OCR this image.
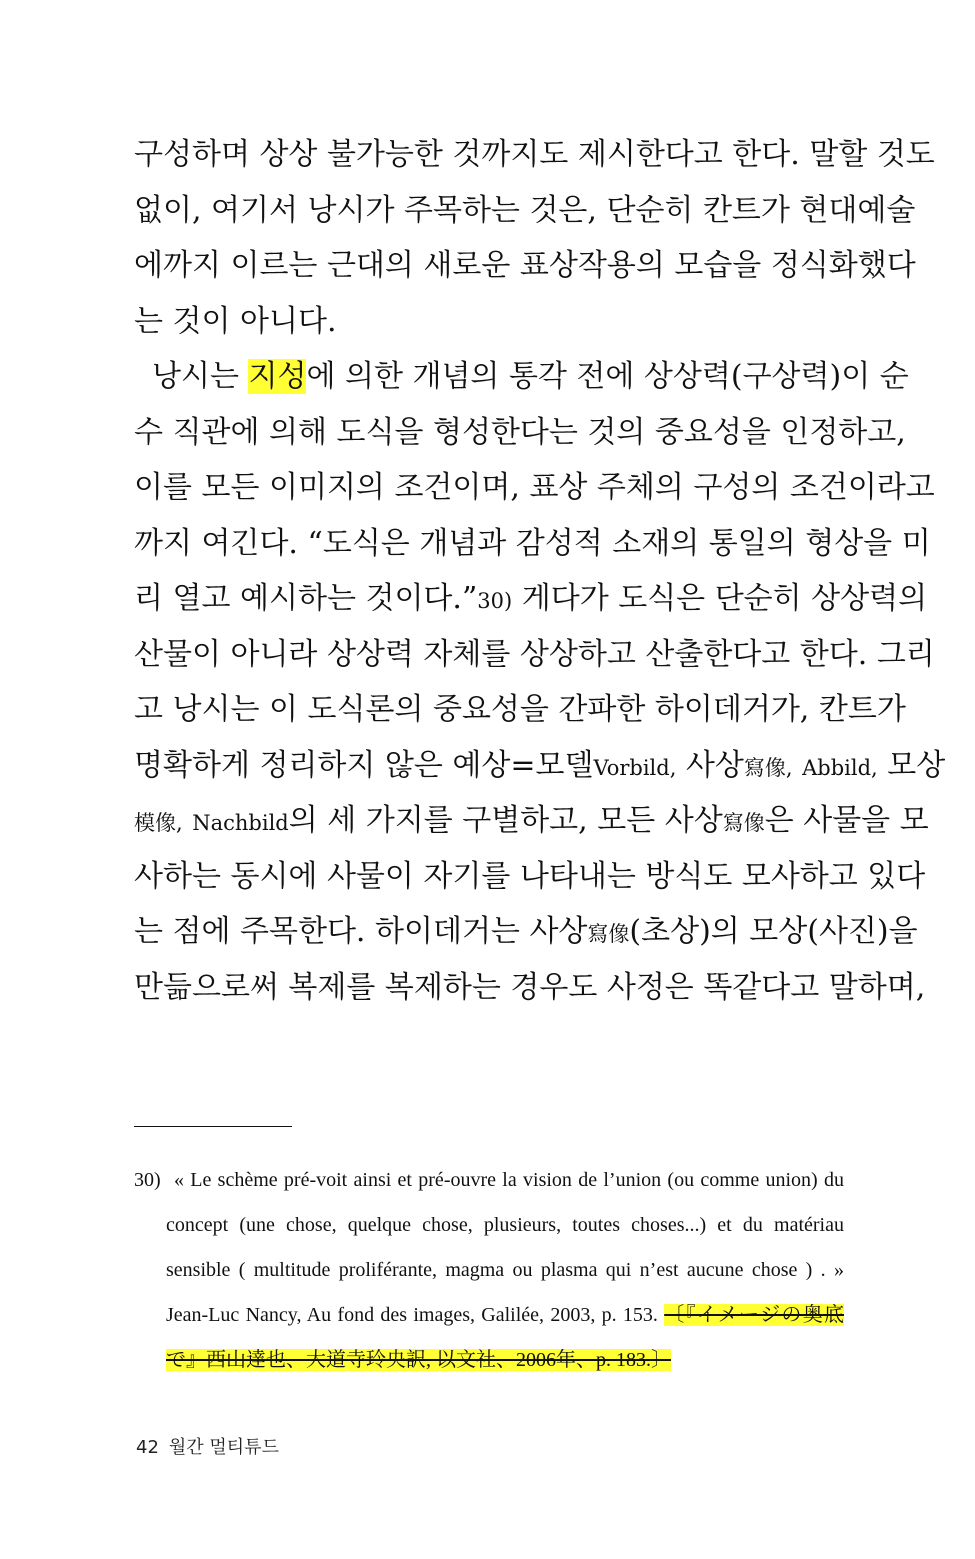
구성하며 상상 불가능한 것까지도 제시한다고 한다. 말할 것도
없이, 여기서 낭시가 주목하는 것은, 단순히 칸트가 현대예술
에까지 이르는 근대의 새로운 표상작용의 모습을 정식화했다
는 것이 아니다.
낭시는 지성에 의한 개념의 통각 전에 상상력(구상력)이 순
수 직관에 의해 도식을 형성한다는 것의 중요성을 인정하고,
이를 모든 이미지의 조건이며, 표상 주체의 구성의 조건이라고
까지 여긴다. “도식은 개념과 감성적 소재의 통일의 형상을 미
리 열고 예시하는 것이다.”30) 게다가 도식은 단순히 상상력의
산물이 아니라 상상력 자체를 상상하고 산출한다고 한다. 그리
고 낭시는 이 도식론의 중요성을 간파한 하이데거가, 칸트가
명확하게 정리하지 않은 예상=모델Vorbild, 사상寫像, Abbild, 모상
模像, Nachbild의 세 가지를 구별하고, 모든 사상寫像은 사물을 모
사하는 동시에 사물이 자기를 나타내는 방식도 모사하고 있다
는 점에 주목한다. 하이데거는 사상寫像(초상)의 모상(사진)을
만듦으로써 복제를 복제하는 경우도 사정은 똑같다고 말하며,
30) « Le schème pré-voit ainsi et pré-ouvre la vision de l’union (ou comme union) du
concept (une chose, quelque chose, plusieurs, toutes choses...) et du matériau
sensible ( multitude proliférante, magma ou plasma qui n’est aucune chose ) . »
Jean-Luc Nancy, Au fond des images, Galilée, 2003, p. 153. 〔『イメージの奥底
で』西山達也、大道寺玲央訳, 以文社、2006年、p. 183.〕
42 월간 멀티튜드
